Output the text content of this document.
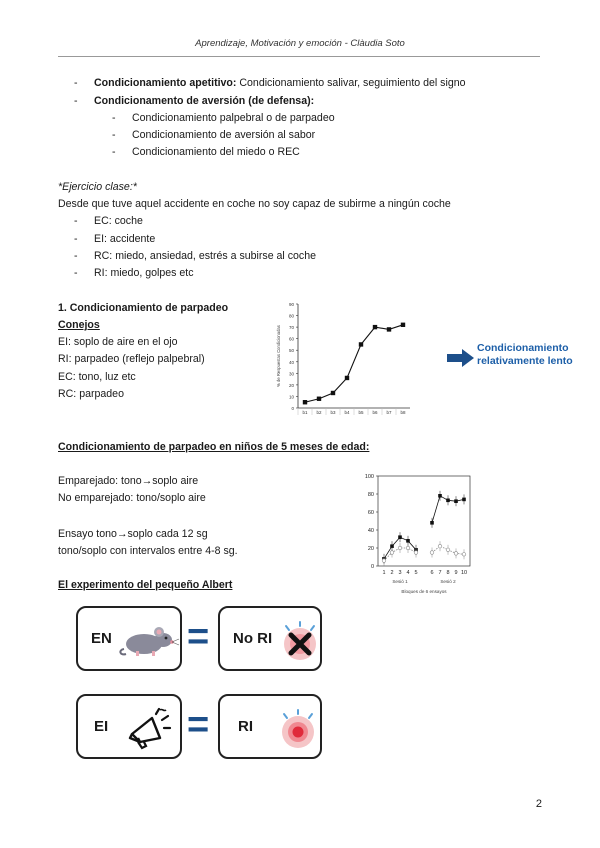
Aprendizaje, Motivación y emoción - Clàudia Soto
- Condicionamiento apetitivo: Condicionamiento salivar, seguimiento del signo
- Condicionamento de aversión (de defensa):
- Condicionamiento palpebral o de parpadeo
- Condicionamiento de aversión al sabor
- Condicionamiento del miedo o REC
*Ejercicio clase:*
Desde que tuve aquel accidente en coche no soy capaz de subirme a ningún coche
- EC: coche
- EI: accidente
- RC: miedo, ansiedad, estrés a subirse al coche
- RI: miedo, golpes etc
1. Condicionamiento de parpadeo
Conejos
EI: soplo de aire en el ojo
RI: parpadeo (reflejo palpebral)
EC: tono, luz etc
RC: parpadeo
0
10
20
30
40
50
60
70
80
90
b1 b2 b3 b4 b5 b6 b7 b8
% de Respuestas Condicionadas	Condicionamiento
relativamente lento
Condicionamiento de parpadeo en niños de 5 meses de edad:
Emparejado: tono→soplo aire
No emparejado: tono/soplo aire
Ensayo tono→soplo cada 12 sg
tono/soplo con intervalos entre 4-8 sg.
0
20
40
60
80
100
1 2 3 4 5 6 7 8 9 10
Sesió 1	Sesió 2
Bloques de 6 ensayos
El experimento del pequeño Albert
EN = No RI
EI = RI
2
